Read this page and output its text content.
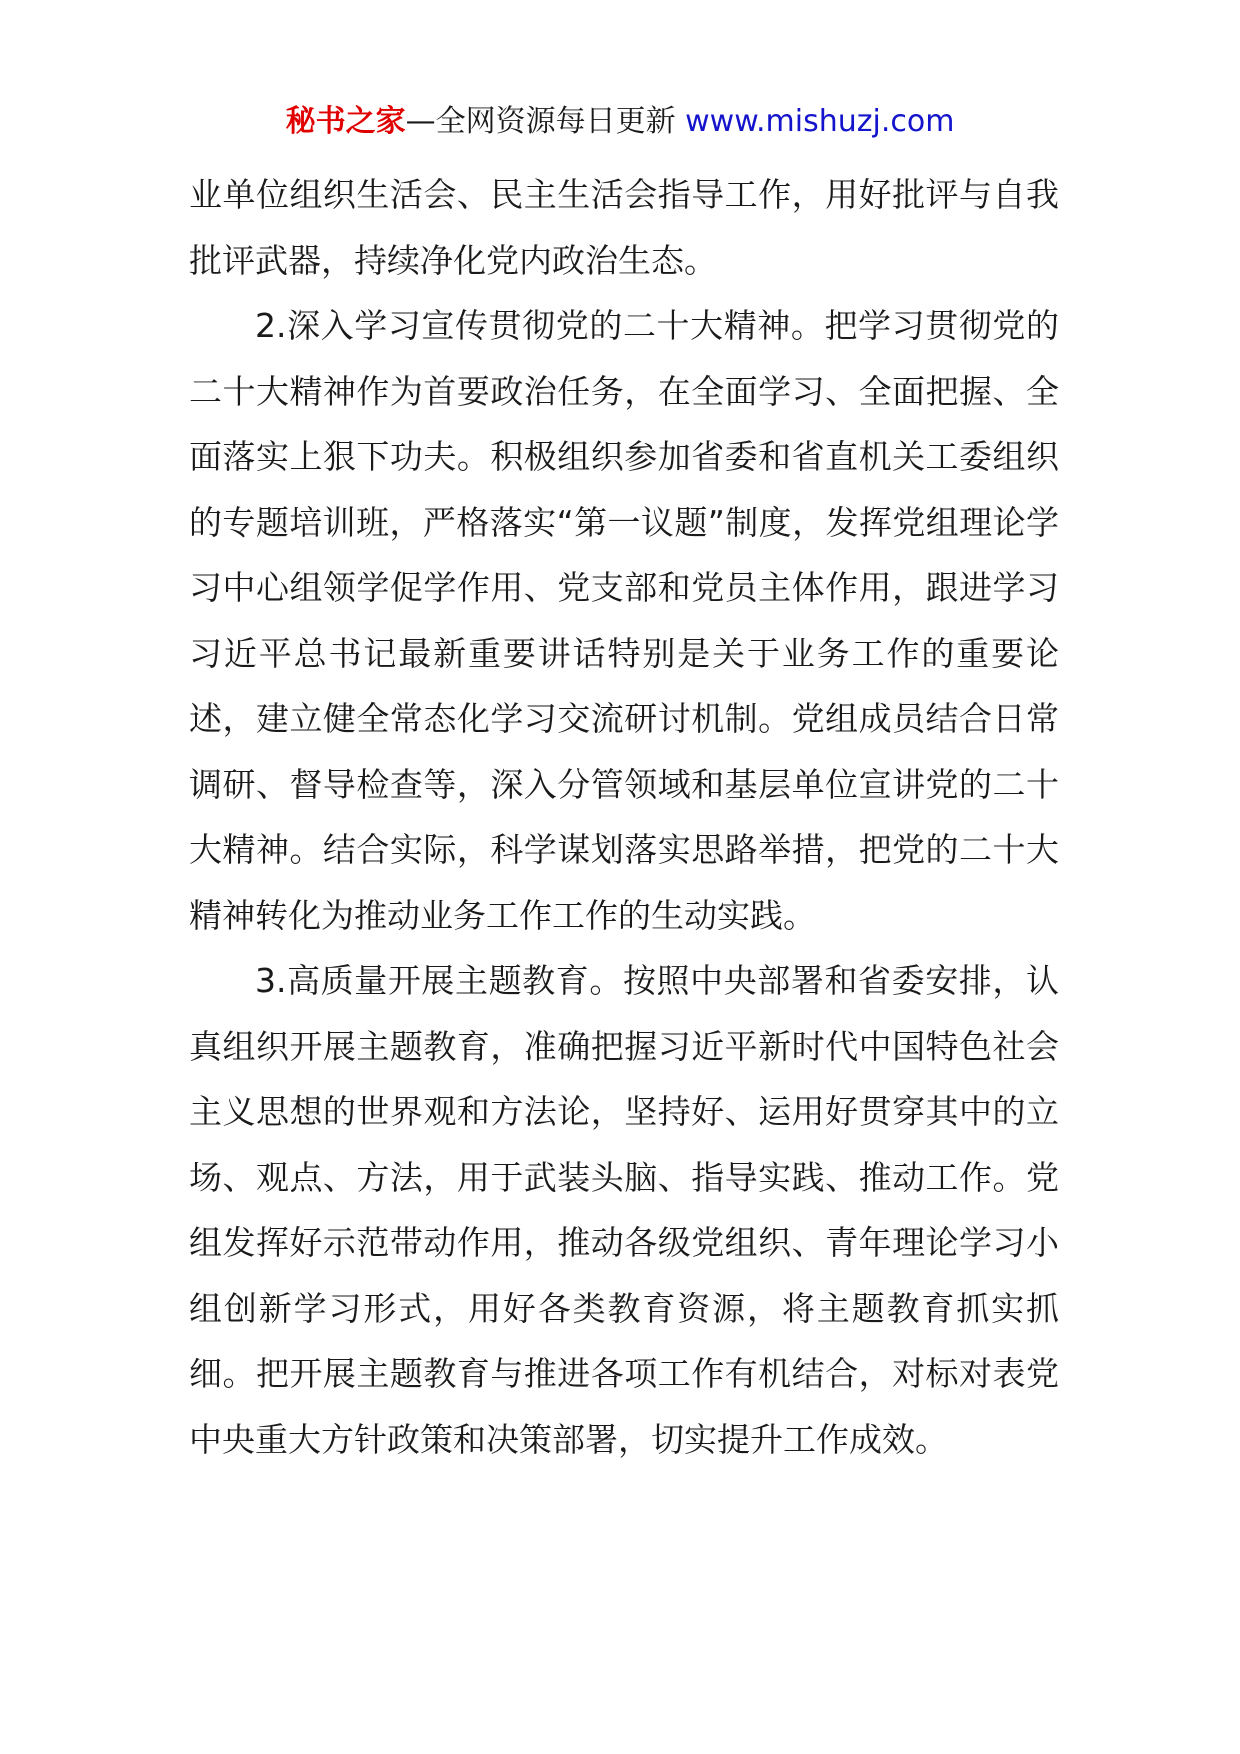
秘书之家—全网资源每日更新 www.mishuzj.com

业单位组织生活会、民主生活会指导工作，用好批评与自我批评武器，持续净化党内政治生态。

2.深入学习宣传贯彻党的二十大精神。把学习贯彻党的二十大精神作为首要政治任务，在全面学习、全面把握、全面落实上狠下功夫。积极组织参加省委和省直机关工委组织的专题培训班，严格落实“第一议题”制度，发挥党组理论学习中心组领学促学作用、党支部和党员主体作用，跟进学习习近平总书记最新重要讲话特别是关于业务工作的重要论述，建立健全常态化学习交流研讨机制。党组成员结合日常调研、督导检查等，深入分管领域和基层单位宣讲党的二十大精神。结合实际，科学谋划落实思路举措，把党的二十大精神转化为推动业务工作工作的生动实践。

3.高质量开展主题教育。按照中央部署和省委安排，认真组织开展主题教育，准确把握习近平新时代中国特色社会主义思想的世界观和方法论，坚持好、运用好贯穿其中的立场、观点、方法，用于武装头脑、指导实践、推动工作。党组发挥好示范带动作用，推动各级党组织、青年理论学习小组创新学习形式，用好各类教育资源，将主题教育抓实抓细。把开展主题教育与推进各项工作有机结合，对标对表党中央重大方针政策和决策部署，切实提升工作成效。
